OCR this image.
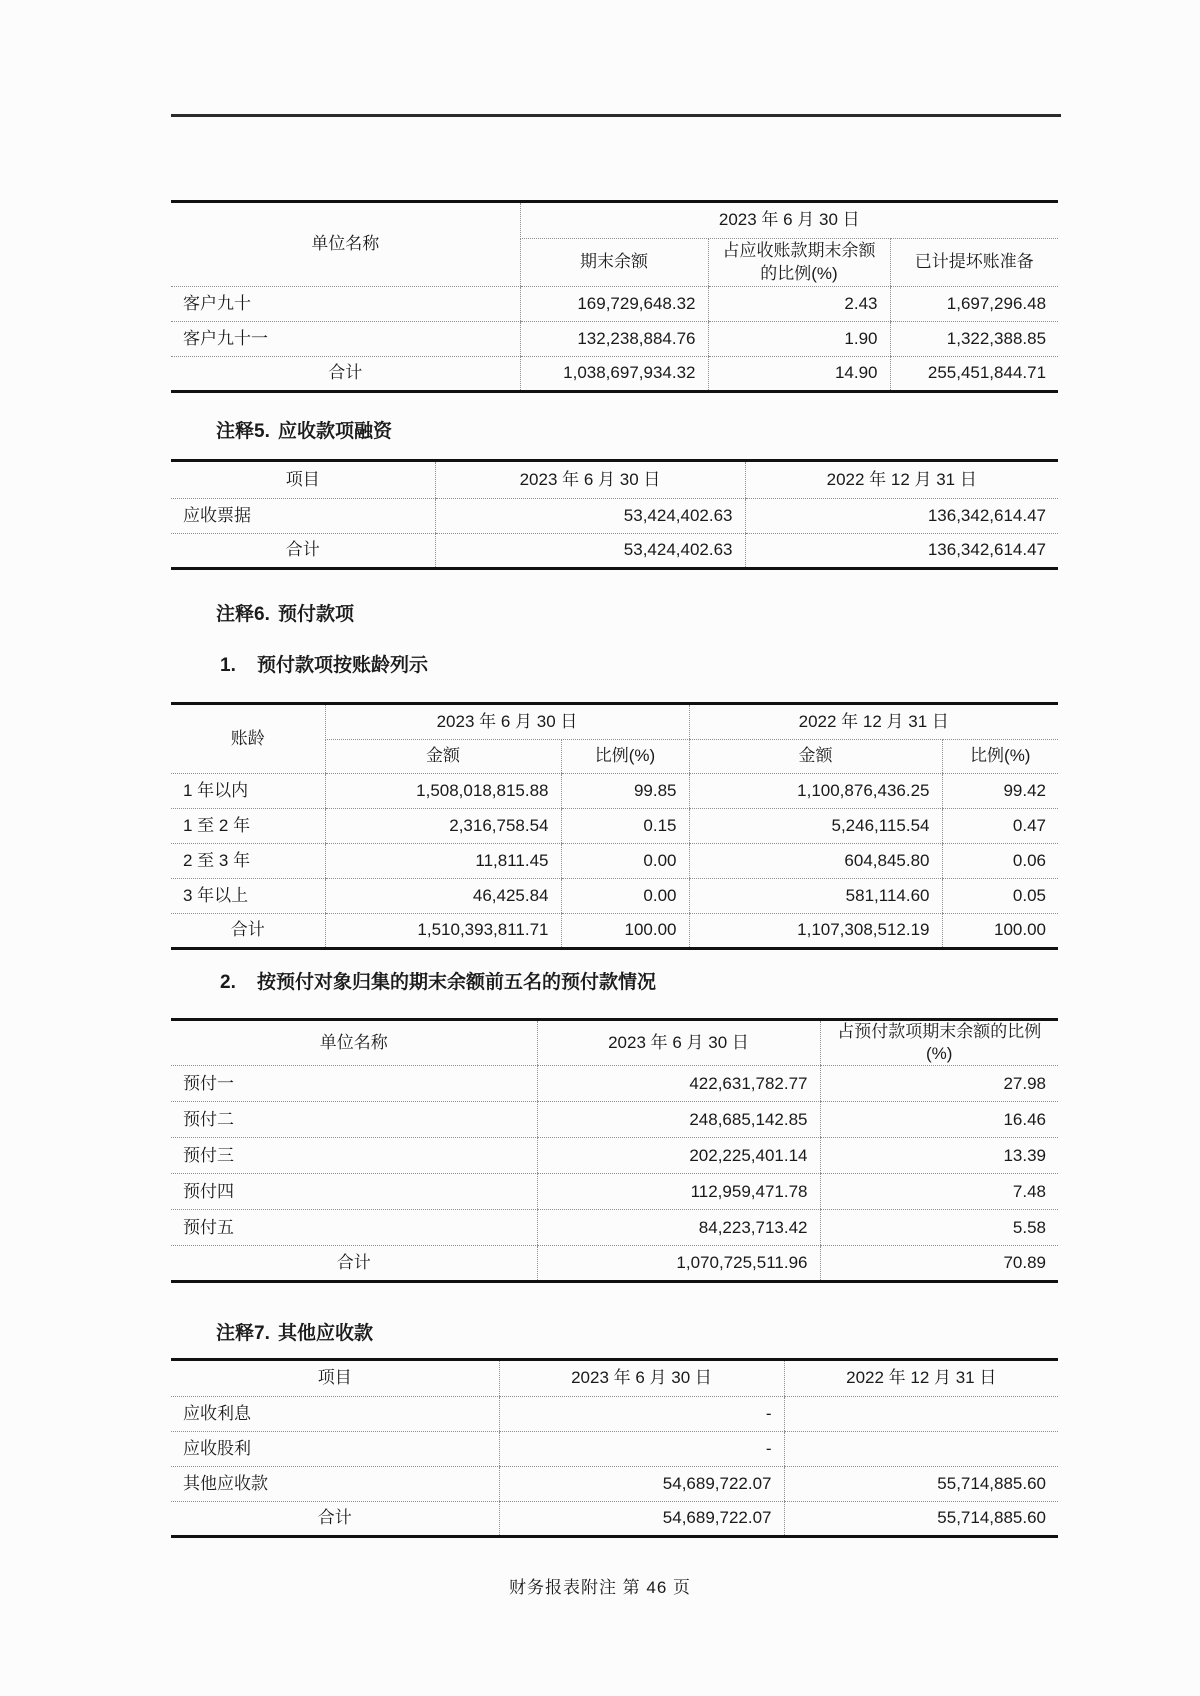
单位名称	2023 年 6 月 30 日		
	期末余额	占应收账款期末余额的比例(%)	已计提坏账准备
客户九十	169,729,648.32	2.43	1,697,296.48
客户九十一	132,238,884.76	1.90	1,322,388.85
合计	1,038,697,934.32	14.90	255,451,844.71
注释5. 应收款项融资
项目	2023 年 6 月 30 日	2022 年 12 月 31 日
应收票据	53,424,402.63	136,342,614.47
合计	53,424,402.63	136,342,614.47
注释6. 预付款项
1. 预付款项按账龄列示
账龄	2023 年 6 月 30 日		2022 年 12 月 31 日	
	金额	比例(%)	金额	比例(%)
1 年以内	1,508,018,815.88	99.85	1,100,876,436.25	99.42
1 至 2 年	2,316,758.54	0.15	5,246,115.54	0.47
2 至 3 年	11,811.45	0.00	604,845.80	0.06
3 年以上	46,425.84	0.00	581,114.60	0.05
合计	1,510,393,811.71	100.00	1,107,308,512.19	100.00
2. 按预付对象归集的期末余额前五名的预付款情况
单位名称	2023 年 6 月 30 日	占预付款项期末余额的比例 (%)
预付一	422,631,782.77	27.98
预付二	248,685,142.85	16.46
预付三	202,225,401.14	13.39
预付四	112,959,471.78	7.48
预付五	84,223,713.42	5.58
合计	1,070,725,511.96	70.89
注释7. 其他应收款
项目	2023 年 6 月 30 日	2022 年 12 月 31 日
应收利息	-	
应收股利	-	
其他应收款	54,689,722.07	55,714,885.60
合计	54,689,722.07	55,714,885.60
财务报表附注 第 46 页
